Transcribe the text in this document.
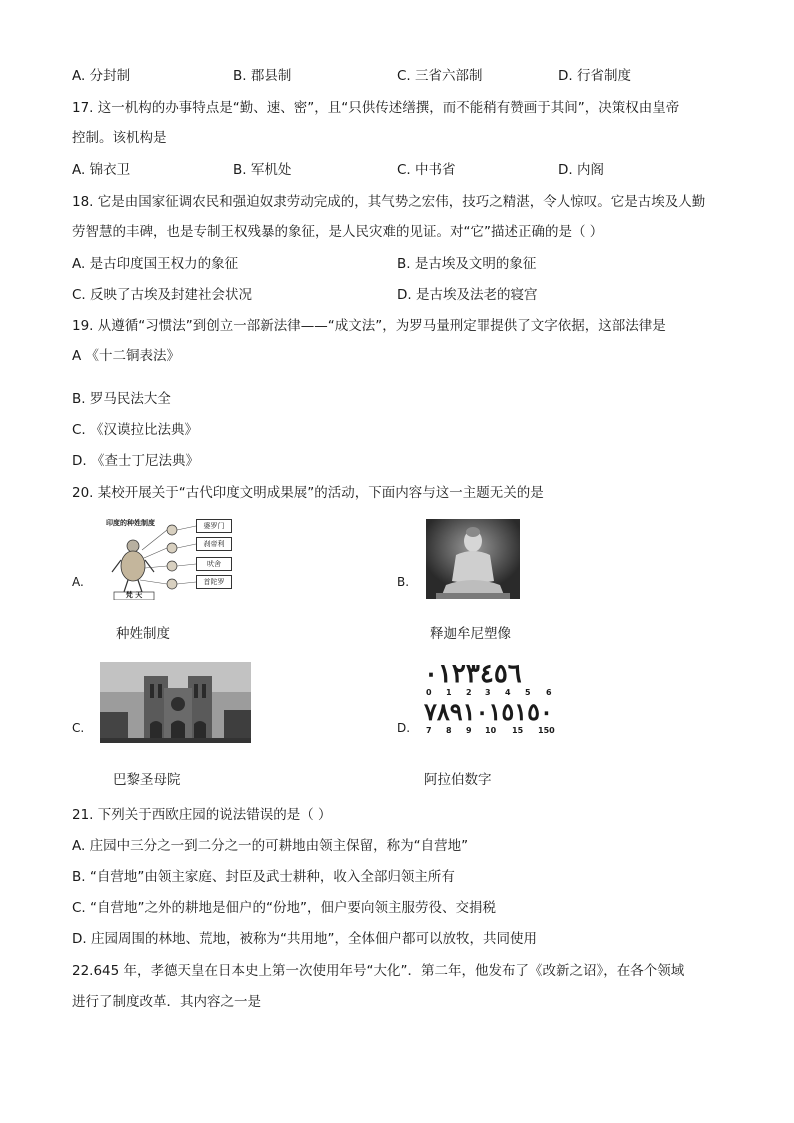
A. 分封制	B. 郡县制	C. 三省六部制	D. 行省制度
17. 这一机构的办事特点是“勤、速、密”，且“只供传述缮撰，而不能稍有赞画于其间”，决策权由皇帝
控制。该机构是
A. 锦衣卫	B. 军机处	C. 中书省	D. 内阁
18. 它是由国家征调农民和强迫奴隶劳动完成的，其气势之宏伟，技巧之精湛，令人惊叹。它是古埃及人勤
劳智慧的丰碑，也是专制王权残暴的象征，是人民灾难的见证。对“它”描述正确的是（ ）
A. 是古印度国王权力的象征	B. 是古埃及文明的象征
C. 反映了古埃及封建社会状况	D. 是古埃及法老的寝宫
19. 从遵循“习惯法”到创立一部新法律——“成文法”，为罗马量刑定罪提供了文字依据，这部法律是
A 《十二铜表法》
B. 罗马民法大全
C. 《汉谟拉比法典》
D. 《查士丁尼法典》
20. 某校开展关于“古代印度文明成果展”的活动，下面内容与这一主题无关的是
A.
印度的种姓制度	婆罗门
刹帝利
吠舍
首陀罗
梵 天
种姓制度
B.
释迦牟尼塑像
C.
巴黎圣母院
D.
٠١٢٣٤٥٦
0 1 2 3 4 5 6
٧٨٩١٠١٥١٥٠
7 8 9 10 15 150
阿拉伯数字
21. 下列关于西欧庄园的说法错误的是（ ）
A. 庄园中三分之一到二分之一的可耕地由领主保留，称为“自营地”
B. “自营地”由领主家庭、封臣及武士耕种，收入全部归领主所有
C. “自营地”之外的耕地是佃户的“份地”，佃户要向领主服劳役、交捐税
D. 庄园周围的林地、荒地，被称为“共用地”，全体佃户都可以放牧，共同使用
22.645 年，孝德天皇在日本史上第一次使用年号“大化”．第二年，他发布了《改新之诏》，在各个领域
进行了制度改革．其内容之一是
